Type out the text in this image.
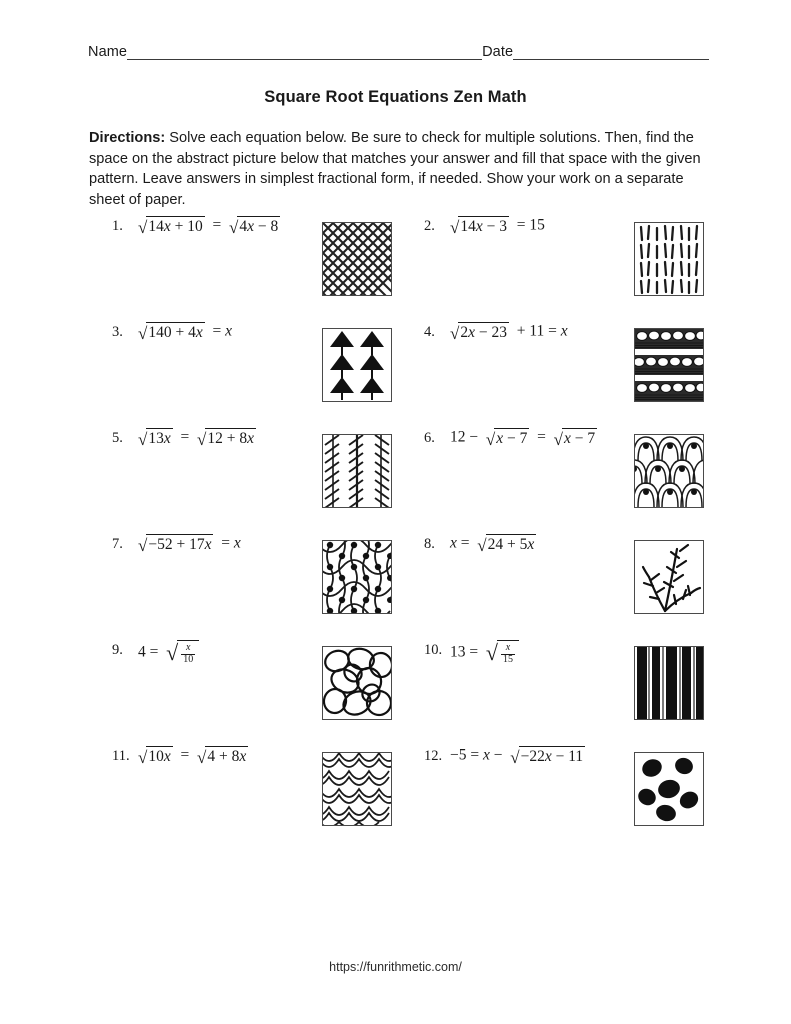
Name	Date
Square Root Equations Zen Math
Directions: Solve each equation below. Be sure to check for multiple solutions. Then, find the space on the abstract picture below that matches your answer and fill that space with the given pattern. Leave answers in simplest fractional form, if needed. Show your work on a separate sheet of paper.
1. √14x + 10  =  √4x − 8	2. √14x − 3  = 15
3. √140 + 4x  = x	4. √2x − 23  + 11 = x
5. √13x  =  √12 + 8x	6. 12 −  √x − 7  =  √x − 7
7. √−52 + 17x  = x	8. x =  √24 + 5x
9. 4 =  √ $\frac{x}{10}$	10. 13 =  √ $\frac{x}{15}$
11. √10x  =  √4 + 8x	12. −5 = x −  √−22x − 11
https://funrithmetic.com/
